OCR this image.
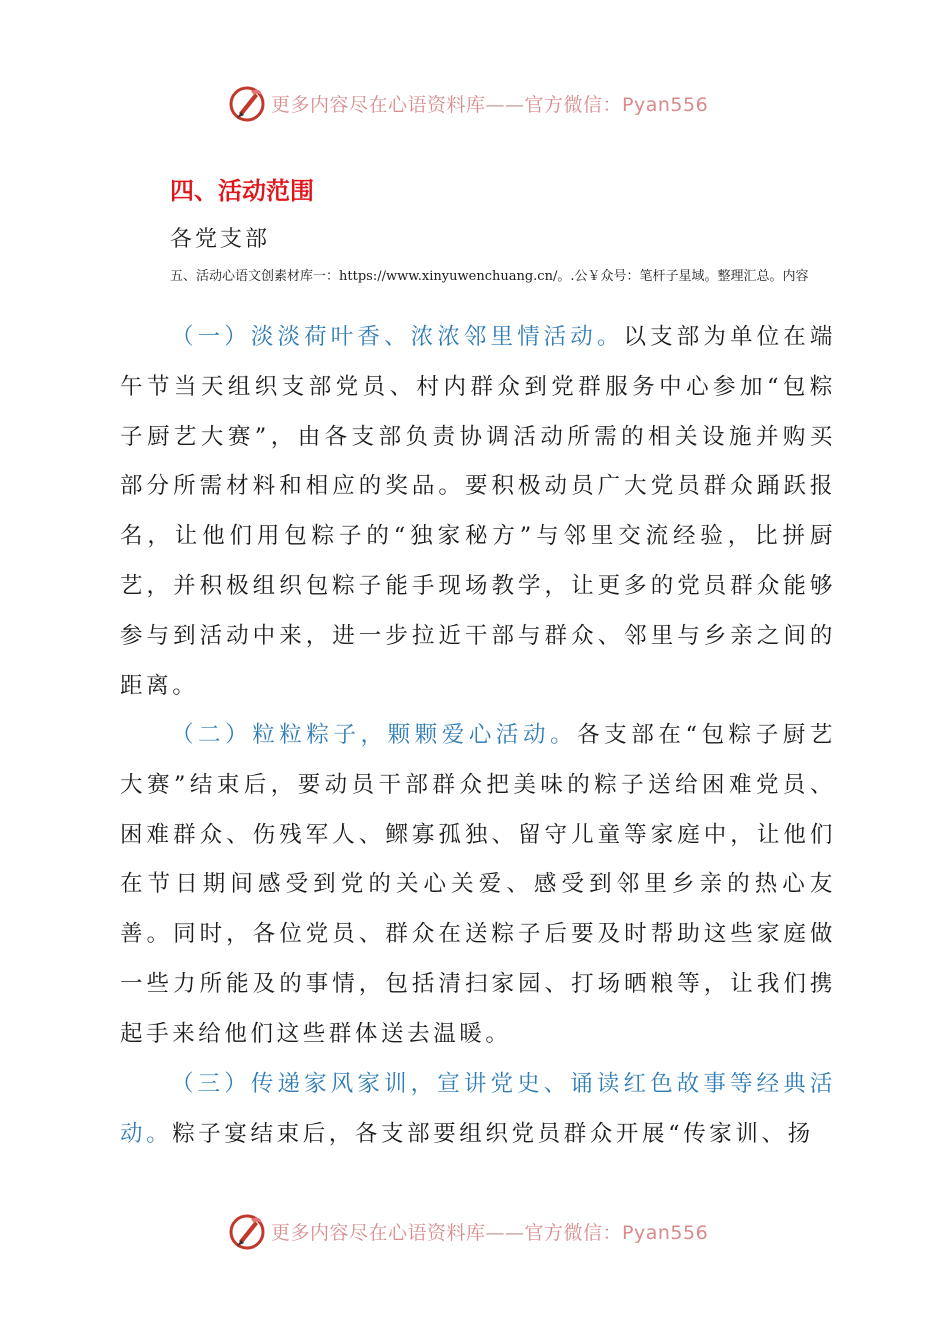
更多内容尽在心语资料库——官方微信：Pyan556
四、活动范围

各党支部

五、活动心语文创素材库一：https://www.xinyuwenchuang.cn/。.公￥众号：笔杆子星域。整理汇总。内容

（一）淡淡荷叶香、浓浓邻里情活动。以支部为单位在端午节当天组织支部党员、村内群众到党群服务中心参加“包粽子厨艺大赛”，由各支部负责协调活动所需的相关设施并购买部分所需材料和相应的奖品。要积极动员广大党员群众踊跃报名，让他们用包粽子的“独家秘方”与邻里交流经验，比拼厨艺，并积极组织包粽子能手现场教学，让更多的党员群众能够参与到活动中来，进一步拉近干部与群众、邻里与乡亲之间的距离。

（二）粒粒粽子，颗颗爱心活动。各支部在“包粽子厨艺大赛”结束后，要动员干部群众把美味的粽子送给困难党员、困难群众、伤残军人、鳏寡孤独、留守儿童等家庭中，让他们在节日期间感受到党的关心关爱、感受到邻里乡亲的热心友善。同时，各位党员、群众在送粽子后要及时帮助这些家庭做一些力所能及的事情，包括清扫家园、打场晒粮等，让我们携起手来给他们这些群体送去温暖。

（三）传递家风家训，宣讲党史、诵读红色故事等经典活动。粽子宴结束后，各支部要组织党员群众开展“传家训、扬

更多内容尽在心语资料库——官方微信：Pyan556
